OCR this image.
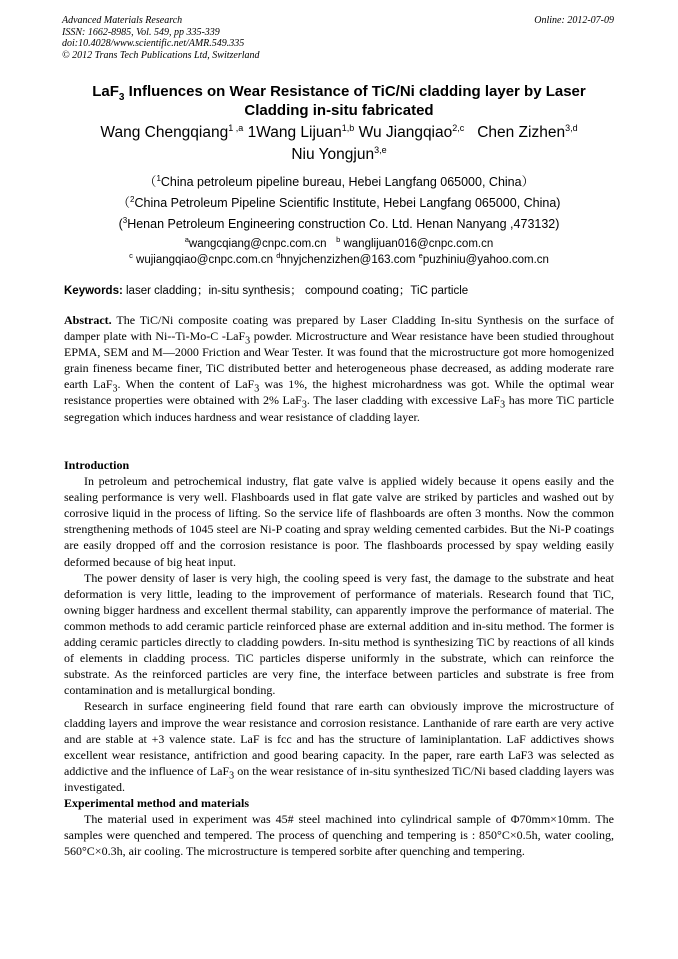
Advanced Materials Research
ISSN: 1662-8985, Vol. 549, pp 335-339
doi:10.4028/www.scientific.net/AMR.549.335
© 2012 Trans Tech Publications Ltd, Switzerland
Online: 2012-07-09
LaF$_3$ Influences on Wear Resistance of TiC/Ni cladding layer by Laser
Cladding in-situ fabricated
Wang Chengqiang$^{1 ,a}$ 1Wang Lijuan$^{1,b}$ Wu Jiangqiao$^{2,c}$ Chen Zizhen$^{3,d}$
Niu Yongjun$^{3,e}$
（$^1$China petroleum pipeline bureau, Hebei Langfang 065000, China）
（$^2$China Petroleum Pipeline Scientific Institute, Hebei Langfang 065000, China)
($^3$Henan Petroleum Engineering construction Co. Ltd. Henan Nanyang ,473132)
$^a$wangcqiang@cnpc.com.cn $^b$ wanglijuan016@cnpc.com.cn
$^c$ wujiangqiao@cnpc.com.cn $^d$hnyjchenzizhen@163.com $^e$puzhiniu@yahoo.com.cn
Keywords: laser cladding；in-situ synthesis； compound coating；TiC particle

Abstract. The TiC/Ni composite coating was prepared by Laser Cladding In-situ Synthesis on the surface of damper plate with Ni--Ti-Mo-C -LaF$_3$ powder. Microstructure and Wear resistance have been studied throughout EPMA, SEM and M—2000 Friction and Wear Tester. It was found that the microstructure got more homogenized grain fineness became finer, TiC distributed better and heterogeneous phase decreased, as adding moderate rare earth LaF$_3$. When the content of LaF$_3$ was 1%, the highest microhardness was got. While the optimal wear resistance properties were obtained with 2% LaF$_3$. The laser cladding with excessive LaF$_3$ has more TiC particle segregation which induces hardness and wear resistance of cladding layer.

Introduction

In petroleum and petrochemical industry, flat gate valve is applied widely because it opens easily and the sealing performance is very well. Flashboards used in flat gate valve are striked by particles and washed out by corrosive liquid in the process of lifting. So the service life of flashboards are often 3 months. Now the common strengthening methods of 1045 steel are Ni-P coating and spray welding cemented carbides. But the Ni-P coatings are easily dropped off and the corrosion resistance is poor. The flashboards processed by spay welding easily deformed because of big heat input.

The power density of laser is very high, the cooling speed is very fast, the damage to the substrate and heat deformation is very little, leading to the improvement of performance of materials. Research found that TiC, owning bigger hardness and excellent thermal stability, can apparently improve the performance of material. The common methods to add ceramic particle reinforced phase are external addition and in-situ method. The former is adding ceramic particles directly to cladding powders. In-situ method is synthesizing TiC by reactions of all kinds of elements in cladding process. TiC particles disperse uniformly in the substrate, which can reinforce the substrate. As the reinforced particles are very fine, the interface between particles and substrate is free from contamination and is metallurgical bonding.

Research in surface engineering field found that rare earth can obviously improve the microstructure of cladding layers and improve the wear resistance and corrosion resistance. Lanthanide of rare earth are very active and are stable at +3 valence state. LaF is fcc and has the structure of laminiplantation. LaF addictives shows excellent wear resistance, antifriction and good bearing capacity. In the paper, rare earth LaF3 was selected as addictive and the influence of LaF$_3$ on the wear resistance of in-situ synthesized TiC/Ni based cladding layers was investigated.

Experimental method and materials

The material used in experiment was 45# steel machined into cylindrical sample of Φ70mm×10mm. The samples were quenched and tempered. The process of quenching and tempering is : 850°C×0.5h, water cooling, 560°C×0.3h, air cooling. The microstructure is tempered sorbite after quenching and tempering.
